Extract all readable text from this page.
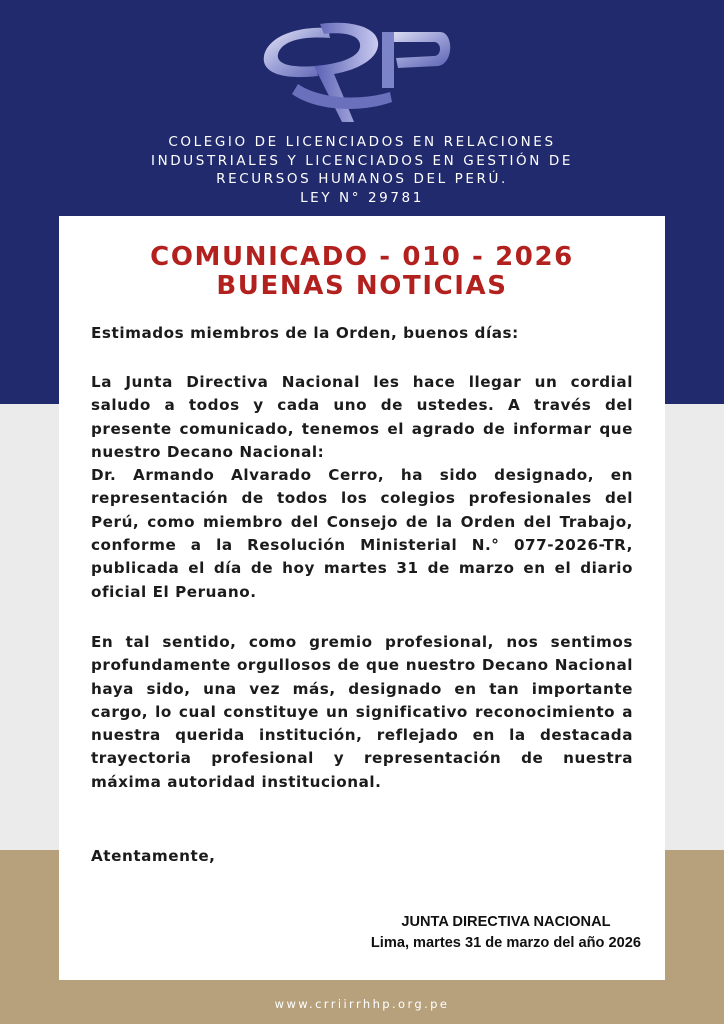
COLEGIO DE LICENCIADOS EN RELACIONES
INDUSTRIALES Y LICENCIADOS EN GESTIÓN DE
RECURSOS HUMANOS DEL PERÚ.
LEY N° 29781
COMUNICADO - 010 - 2026
BUENAS NOTICIAS

Estimados miembros de la Orden, buenos días:

La Junta Directiva Nacional les hace llegar un cordial saludo a todos y cada uno de ustedes. A través del presente comunicado, tenemos el agrado de informar que nuestro Decano Nacional:

Dr. Armando Alvarado Cerro, ha sido designado, en representación de todos los colegios profesionales del Perú, como miembro del Consejo de la Orden del Trabajo, conforme a la Resolución Ministerial N.° 077-2026-TR, publicada el día de hoy martes 31 de marzo en el diario oficial El Peruano.

En tal sentido, como gremio profesional, nos sentimos profundamente orgullosos de que nuestro Decano Nacional haya sido, una vez más, designado en tan importante cargo, lo cual constituye un significativo reconocimiento a nuestra querida institución, reflejado en la destacada trayectoria profesional y representación de nuestra máxima autoridad institucional.

Atentamente,

JUNTA DIRECTIVA NACIONAL
Lima, martes 31 de marzo del año 2026
www.crriirrhhp.org.pe
